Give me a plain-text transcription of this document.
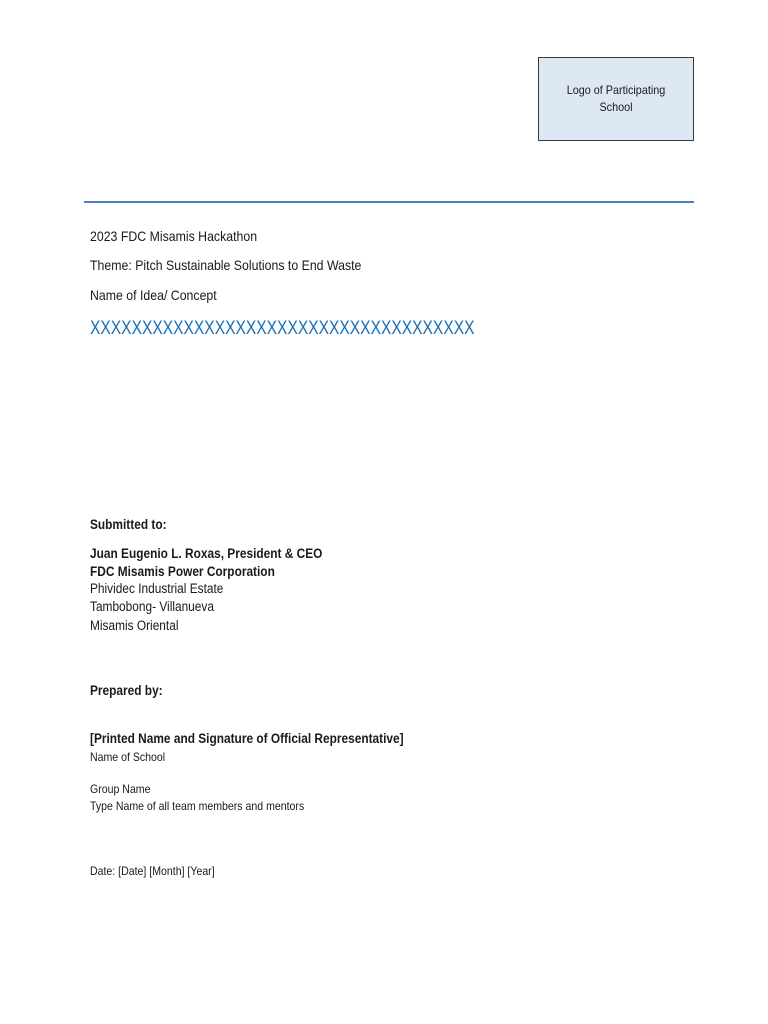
Logo of Participating
School
2023 FDC Misamis Hackathon
Theme: Pitch Sustainable Solutions to End Waste
Name of Idea/ Concept
XXXXXXXXXXXXXXXXXXXXXXXXXXXXXXXXXXXXX
Submitted to:
Juan Eugenio L. Roxas, President & CEO
FDC Misamis Power Corporation
Phividec Industrial Estate
Tambobong- Villanueva
Misamis Oriental
Prepared by:
[Printed Name and Signature of Official Representative]
Name of School
Group Name
Type Name of all team members and mentors
Date: [Date] [Month] [Year]
